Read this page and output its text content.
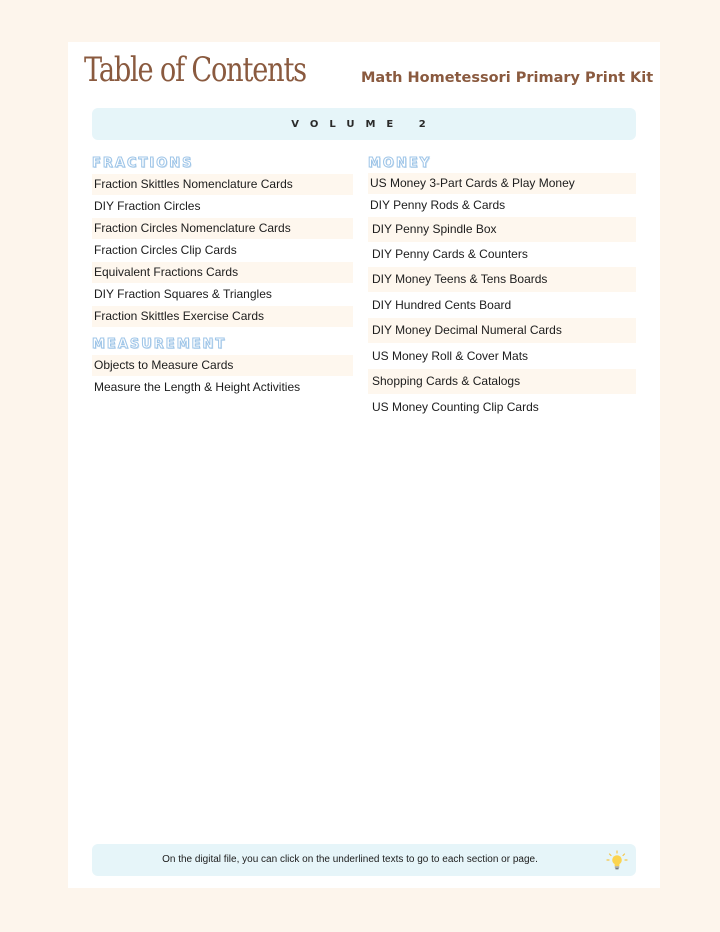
Table of Contents	Math Hometessori Primary Print Kit
VOLUME 2
FRACTIONS
Fraction Skittles Nomenclature Cards
DIY Fraction Circles
Fraction Circles Nomenclature Cards
Fraction Circles Clip Cards
Equivalent Fractions Cards
DIY Fraction Squares & Triangles
Fraction Skittles Exercise Cards
MEASUREMENT
Objects to Measure Cards
Measure the Length & Height Activities
MONEY
US Money 3-Part Cards & Play Money
DIY Penny Rods & Cards
DIY Penny Spindle Box
DIY Penny Cards & Counters
DIY Money Teens & Tens Boards
DIY Hundred Cents Board
DIY Money Decimal Numeral Cards
US Money Roll & Cover Mats
Shopping Cards & Catalogs
US Money Counting Clip Cards
On the digital file, you can click on the underlined texts to go to each section or page.
